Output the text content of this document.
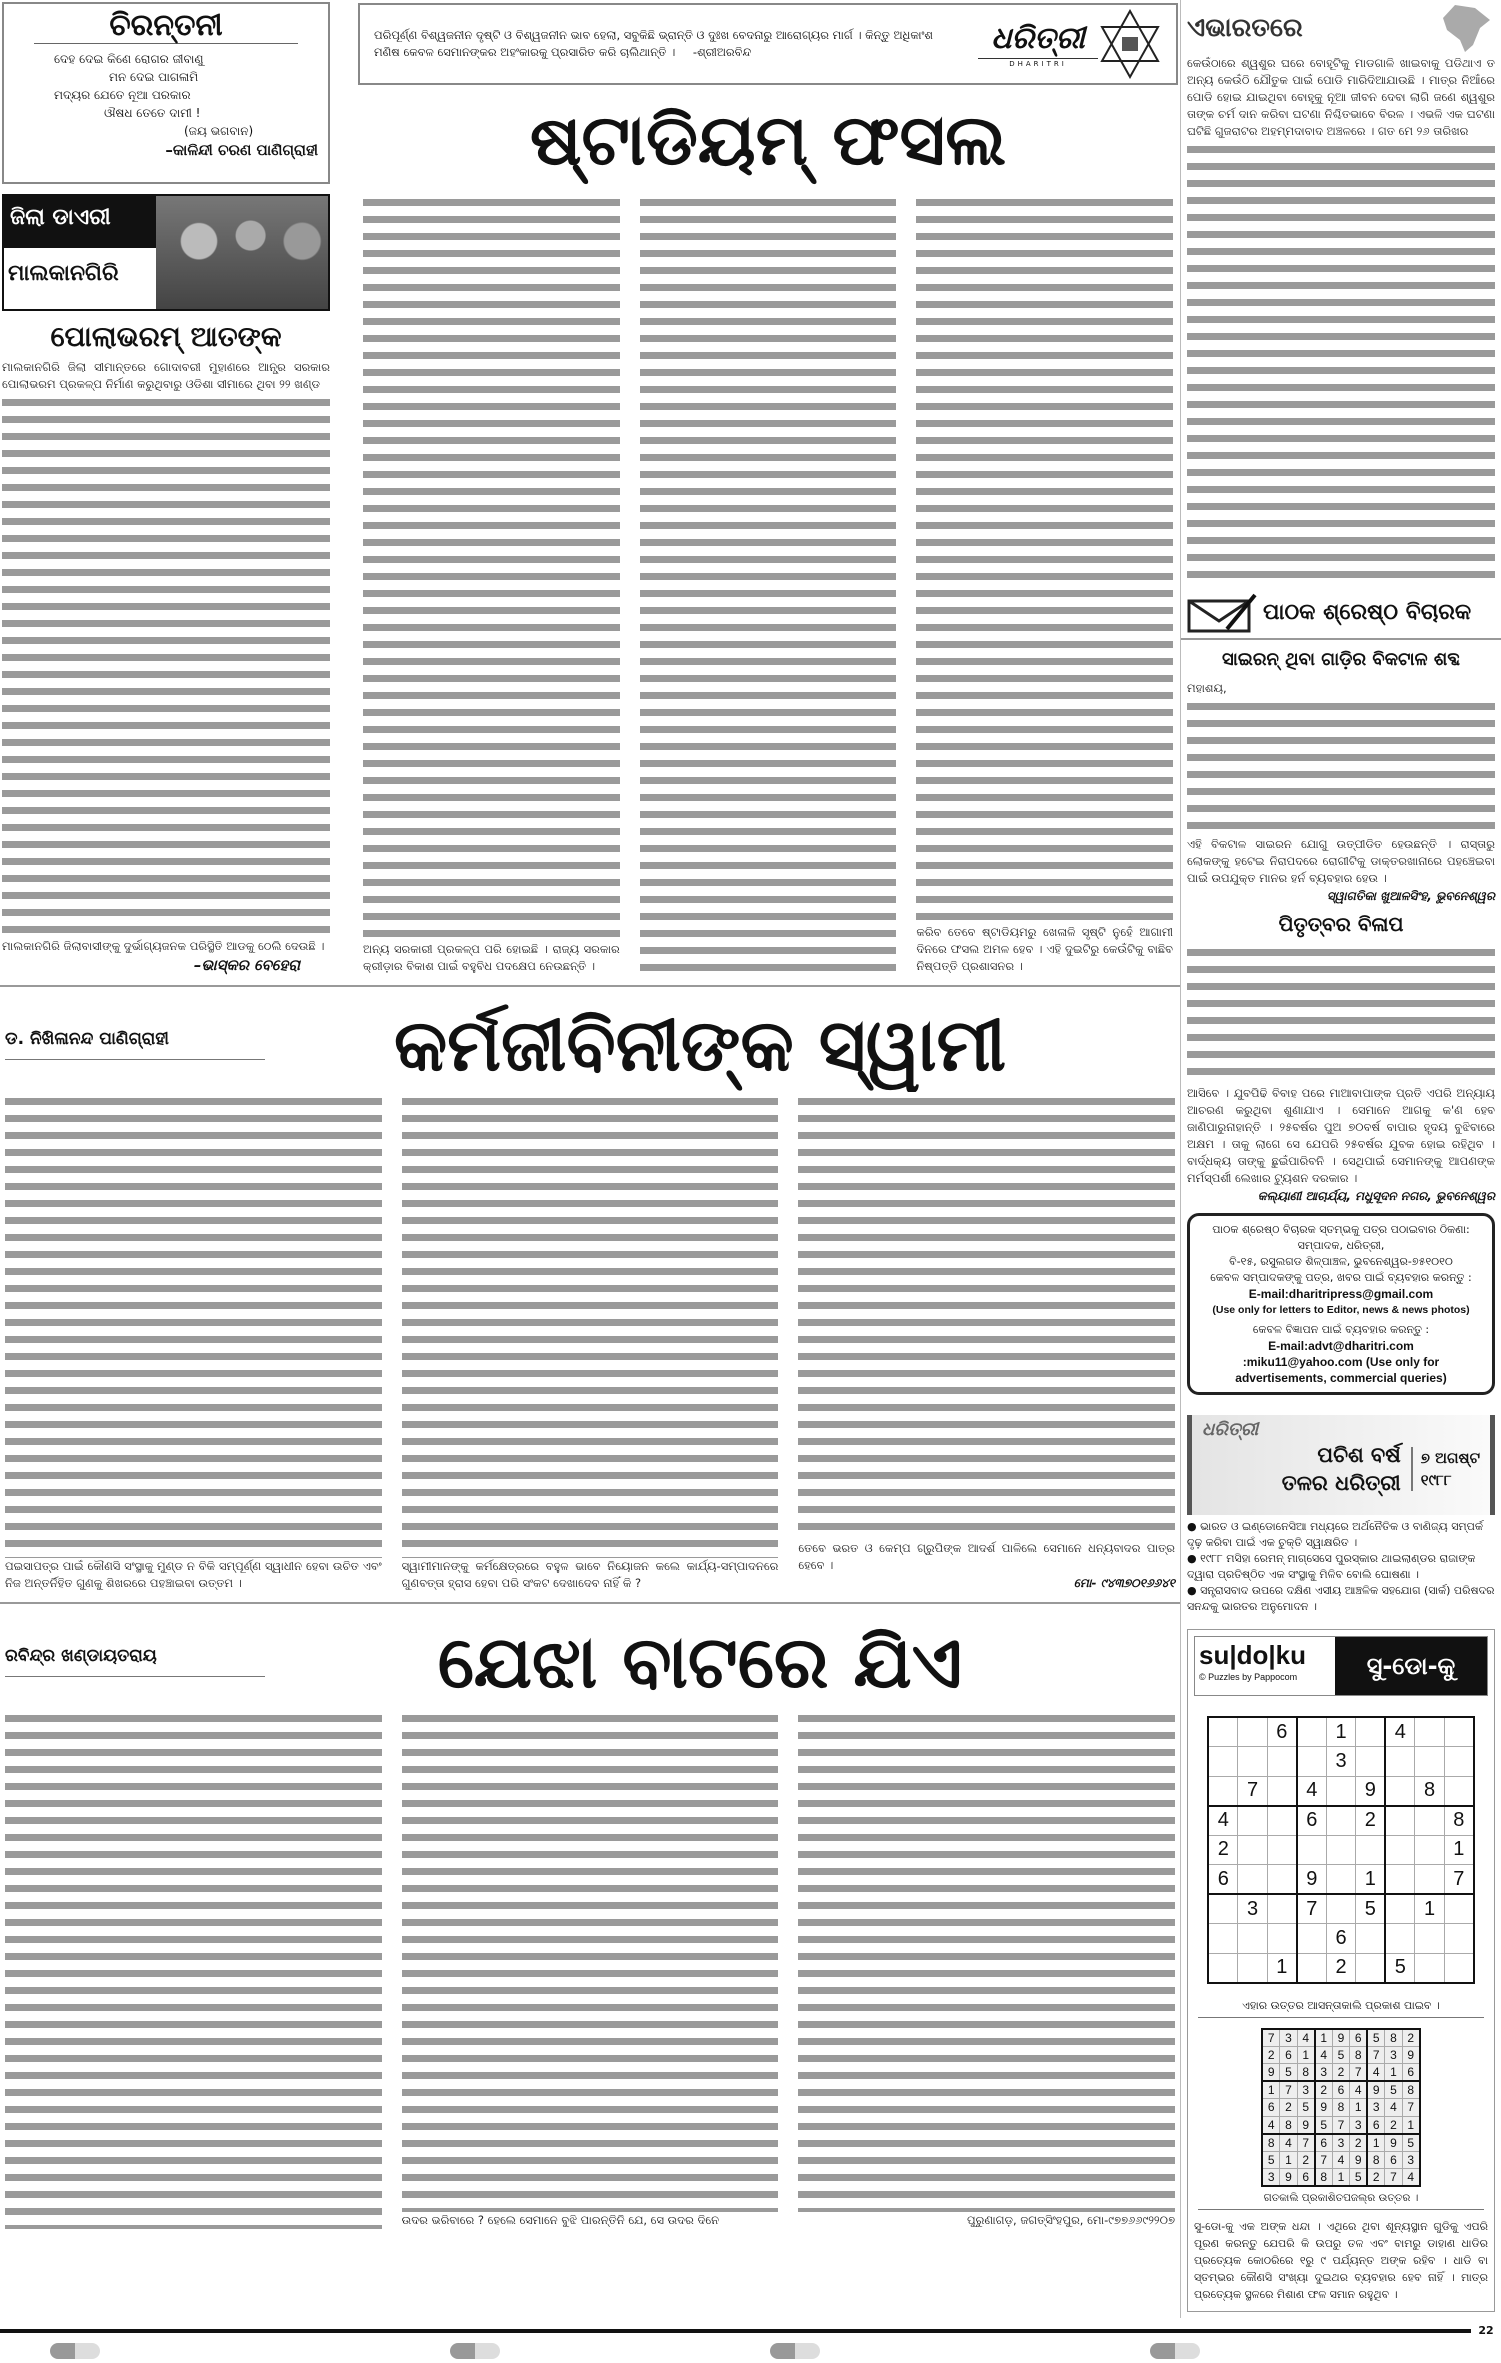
ଚିରନ୍ତନୀ
ଦେହ ଦେଇ କିଣେ ରୋଗର ଜୀବାଣୁ
ମନ ଦେଇ ପାଗଳାମି
ମଦ୍ୟର ଯେତେ ନୂଆ ପରକାର
ଔଷଧ ତେତେ ଦାମୀ !
(ଜୟ ଭଗବାନ)
–କାଳିନ୍ଦୀ ଚରଣ ପାଣିଗ୍ରାହୀ
ଜିଲା ଡାଏରୀ
ମାଲକାନଗିରି
ପୋଲାଭରମ୍ ଆତଙ୍କ
ମାଲକାନଗିରି ଜିଲା ସୀମାନ୍ତରେ ଗୋଦାବରୀ ମୁହାଣରେ ଆନ୍ଧ୍ର ସରକାର ପୋଲାଭରମ ପ୍ରକଳ୍ପ ନିର୍ମାଣ କରୁଥିବାରୁ ଓଡିଶା ସୀମାରେ ଥିବା ୨୨ ଖଣ୍ଡ
ମାଲକାନଗିରି ଜିଲାବାସୀଙ୍କୁ ଦୁର୍ଭାଗ୍ୟଜନକ ପରିସ୍ଥିତି ଆଡକୁ ଠେଲି ଦେଉଛି ।
–ଭାସ୍କର ବେହେରା
ପରିପୂର୍ଣ୍ଣ ବିଶ୍ୱଜନୀନ ଦୃଷ୍ଟି ଓ ବିଶ୍ୱଜନୀନ ଭାବ ହେଲା, ସବୁକିଛି ଭ୍ରାନ୍ତି ଓ ଦୁଃଖ ବେଦନାରୁ ଆରୋଗ୍ୟର ମାର୍ଗ । କିନ୍ତୁ ଅଧିକାଂଶ ମଣିଷ କେବଳ ସେମାନଙ୍କର ଅହଂକାରକୁ ପ୍ରସାରିତ କରି ଚାଲିଥାନ୍ତି । -ଶ୍ରୀଅରବିନ୍ଦ	ଧରିତ୍ରୀ
DHARITRI
ଷ୍ଟାଡିୟମ୍ ଫସଲ
ଅନ୍ୟ ସରକାରୀ ପ୍ରକଳ୍ପ ପରି ହୋଇଛି । ରାଜ୍ୟ ସରକାର କ୍ରୀଡ଼ାର ବିକାଶ ପାଇଁ ବହୁବିଧ ପଦକ୍ଷେପ ନେଉଛନ୍ତି ।
କରିବ ତେବେ ଷ୍ଟାଡିୟମରୁ ଖେଳାଳି ସୃଷ୍ଟି ନୁହେଁ ଆଗାମୀ ଦିନରେ ଫସଲ ଅମଳ ହେବ । ଏହି ଦୁଇଟିରୁ କେଉଁଟିକୁ ବାଛିବ ନିଷ୍ପତ୍ତି ପ୍ରଶାସନର ।
ଡ. ନିଖିଳାନନ୍ଦ ପାଣିଗ୍ରାହୀ	କର୍ମଜୀବିନୀଙ୍କ ସ୍ୱାମୀ
ପଇସାପତ୍ର ପାଇଁ କୌଣସି ସଂସ୍ଥାକୁ ମୁଣ୍ଡ ନ ବିକି ସମ୍ପୂର୍ଣ୍ଣ ସ୍ୱାଧୀନ ହେବା ଉଚିତ ଏବଂ ନିଜ ଅନ୍ତର୍ନିହିତ ଗୁଣକୁ ଶିଖରରେ ପହଞ୍ଚାଇବା ଉତ୍ତମ ।
ସ୍ୱାମୀମାନଙ୍କୁ କର୍ମକ୍ଷେତ୍ରରେ ବହୁଳ ଭାବେ ନିୟୋଜନ କଲେ କାର୍ଯ୍ୟ-ସମ୍ପାଦନରେ ଗୁଣବତ୍ତା ହ୍ରାସ ହେବା ପରି ସଂକଟ ଦେଖାଦେବ ନାହିଁ କି ?
ତେବେ ଭରତ ଓ କେମ୍ପ ଗ୍ରୁପିଙ୍କ ଆଦର୍ଶ ପାଳିଲେ ସେମାନେ ଧନ୍ୟବାଦର ପାତ୍ର ହେବେ ।
ମୋ- ୯୪୩୭୦୧୬୬୪୧
ରବିନ୍ଦ୍ର ଖଣ୍ଡାୟତରାୟ	ଯେଝା ବାଟରେ ଯିଏ
ଉଦର ଭରିବାରେ ? ହେଲେ ସେମାନେ ବୁଝି ପାରନ୍ତିନି ଯେ, ସେ ଉଦର ଦିନେ	ପୁରୁଣାଗଡ଼, ଜଗତ୍‌ସିଂହପୁର, ମୋ-୯୭୭୬୬୯୨୨୦୭
ଏଭାରତରେ
କେଉଁଠାରେ ଶ୍ୱଶୁର ଘରେ ବୋହୂଟିକୁ ମାଡଗାଳି ଖାଇବାକୁ ପଡିଥାଏ ତ ଅନ୍ୟ କେଉଁଠି ଯୌତୁକ ପାଇଁ ପୋଡି ମାରିଦିଆଯାଉଛି । ମାତ୍ର ନିଆଁରେ ପୋଡି ହୋଇ ଯାଇଥିବା ବୋହୂକୁ ନୂଆ ଜୀବନ ଦେବା ଲାଗି ଜଣେ ଶ୍ୱଶୁର ତାଙ୍କ ଚର୍ମ ଦାନ କରିବା ଘଟଣା ନିଶ୍ଚିତଭାବେ ବିରଳ । ଏଭଳି ଏକ ଘଟଣା ଘଟିଛି ଗୁଜରାଟର ଅହମ୍ମଦାବାଦ ଅଞ୍ଚଳରେ । ଗତ ମେ ୨୬ ତାରିଖର
ପାଠକ ଶ୍ରେଷ୍ଠ ବିଚାରକ
ସାଇରନ୍ ଥିବା ଗାଡ଼ିର ବିକଟାଳ ଶବ୍ଦ
ମହାଶୟ,
ଏହି ବିକଟାଳ ସାଇରନ ଯୋଗୁ ଉତ୍ପୀଡିତ ହେଉଛନ୍ତି । ରାସ୍ତାରୁ ଲୋକଙ୍କୁ ହଟେଇ ନିରାପଦରେ ରୋଗୀଟିକୁ ଡାକ୍ତରଖାନାରେ ପହଞ୍ଚେଇବା ପାଇଁ ଉପଯୁକ୍ତ ମାନର ହର୍ନ ବ୍ୟବହାର ହେଉ ।
ସ୍ୱାଗତିକା ଖୁଆଳସିଂହ, ଭୁବନେଶ୍ୱର
ପିତୃତ୍ବର ବିଳାପ
ଆସିବେ । ଯୁବପିଢି ବିବାହ ପରେ ମାଆବାପାଙ୍କ ପ୍ରତି ଏପରି ଅନ୍ୟାୟ ଆଚରଣ କରୁଥିବା ଶୁଣାଯାଏ । ସେମାନେ ଆଗକୁ କ'ଣ ହେବ ଜାଣିପାରୁନାହାନ୍ତି । ୨୫ବର୍ଷର ପୁଅ ୭୦ବର୍ଷ ବାପାର ହୃଦୟ ବୁଝିବାରେ ଅକ୍ଷମ । ତାକୁ ଲାଗେ ସେ ଯେପରି ୨୫ବର୍ଷର ଯୁବକ ହୋଇ ରହିଥିବ । ବାର୍ଦ୍ଧକ୍ୟ ତାଙ୍କୁ ଛୁଇଁପାରିବନି । ସେଥିପାଇଁ ସେମାନଙ୍କୁ ଆପଣଙ୍କ ମର୍ମସ୍ପର୍ଶୀ ଲେଖାର ଟ୍ୟୁଶନ ଦରକାର ।
କଲ୍ୟାଣୀ ଆଚାର୍ଯ୍ୟ, ମଧୁସୂଦନ ନଗର, ଭୁବନେଶ୍ୱର
ପାଠକ ଶ୍ରେଷ୍ଠ ବିଚାରକ ସ୍ତମ୍ଭକୁ ପତ୍ର ପଠାଇବାର ଠିକଣା:
ସମ୍ପାଦକ, ଧରିତ୍ରୀ,
ବି-୧୫, ରସୁଲଗଡ ଶିଳ୍ପାଞ୍ଚଳ, ଭୁବନେଶ୍ୱର-୭୫୧୦୧୦
କେବଳ ସମ୍ପାଦକଙ୍କୁ ପତ୍ର, ଖବର ପାଇଁ ବ୍ୟବହାର କରନ୍ତୁ :
E-mail:dharitripress@gmail.com
(Use only for letters to Editor, news & news photos)
କେବଳ ବିଜ୍ଞାପନ ପାଇଁ ବ୍ୟବହାର କରନ୍ତୁ :
E-mail:advt@dharitri.com
:miku11@yahoo.com (Use only for advertisements, commercial queries)
ଧରିତ୍ରୀ
ପଚିଶ ବର୍ଷ
ତଳର ଧରିତ୍ରୀ
୭ ଅଗଷ୍ଟ
୧୯୮୮
● ଭାରତ ଓ ଇଣ୍ଡୋନେସିଆ ମଧ୍ୟରେ ଅର୍ଥନୈତିକ ଓ ବାଣିଜ୍ୟ ସମ୍ପର୍କ ଦୃଢ଼ କରିବା ପାଇଁ ଏକ ଚୁକ୍ତି ସ୍ୱାକ୍ଷରିତ ।
● ୧୯୮୮ ମସିହା ରେମନ୍ ମାଗ୍‌ସେସେ ପୁରସ୍କାର ଥାଇଲାଣ୍ଡର ରାଜାଙ୍କ ଦ୍ୱାରା ପ୍ରତିଷ୍ଠିତ ଏକ ସଂସ୍ଥାକୁ ମିଳିବ ବୋଲି ଘୋଷଣା ।
● ସନ୍ତ୍ରାସବାଦ ଉପରେ ଦକ୍ଷିଣ ଏସୀୟ ଆଞ୍ଚଳିକ ସହଯୋଗ (ସାର୍କ) ପରିଷଦର ସନନ୍ଦକୁ ଭାରତର ଅନୁମୋଦନ ।
su|do|ku
© Puzzles by Pappocom	ସୁ-ଡୋ-କୁ
		6		1		4		
				3				
	7		4		9		8	
4			6		2			8
2								1
6			9		1			7
	3		7		5		1	
				6				
		1		2		5		
ଏହାର ଉତ୍ତର ଆସନ୍ତାକାଲି ପ୍ରକାଶ ପାଇବ ।
7	3	4	1	9	6	5	8	2
2	6	1	4	5	8	7	3	9
9	5	8	3	2	7	4	1	6
1	7	3	2	6	4	9	5	8
6	2	5	9	8	1	3	4	7
4	8	9	5	7	3	6	2	1
8	4	7	6	3	2	1	9	5
5	1	2	7	4	9	8	6	3
3	9	6	8	1	5	2	7	4
ଗତକାଲି ପ୍ରକାଶିତପଜଲ୍‌ର ଉତ୍ତର ।
ସୁ-ଡୋ-କୁ ଏକ ଅଙ୍କ ଧନ୍ଦା । ଏଥିରେ ଥିବା ଶୂନ୍ୟସ୍ଥାନ ଗୁଡିକୁ ଏପରି ପୂରଣ କରନ୍ତୁ ଯେପରି କି ଉପରୁ ତଳ ଏବଂ ବାମରୁ ଡାହାଣ ଧାଡିର ପ୍ରତ୍ୟେକ କୋଠରିରେ ୧ରୁ ୯ ପର୍ଯ୍ୟନ୍ତ ଅଙ୍କ ରହିବ । ଧାଡି ବା ସ୍ତମ୍ଭର କୌଣସି ସଂଖ୍ୟା ଦୁଇଥର ବ୍ୟବହାର ହେବ ନାହିଁ । ମାତ୍ର ପ୍ରତ୍ୟେକ ସ୍ଥଳରେ ମିଶାଣ ଫଳ ସମାନ ରହୁଥିବ ।
22
